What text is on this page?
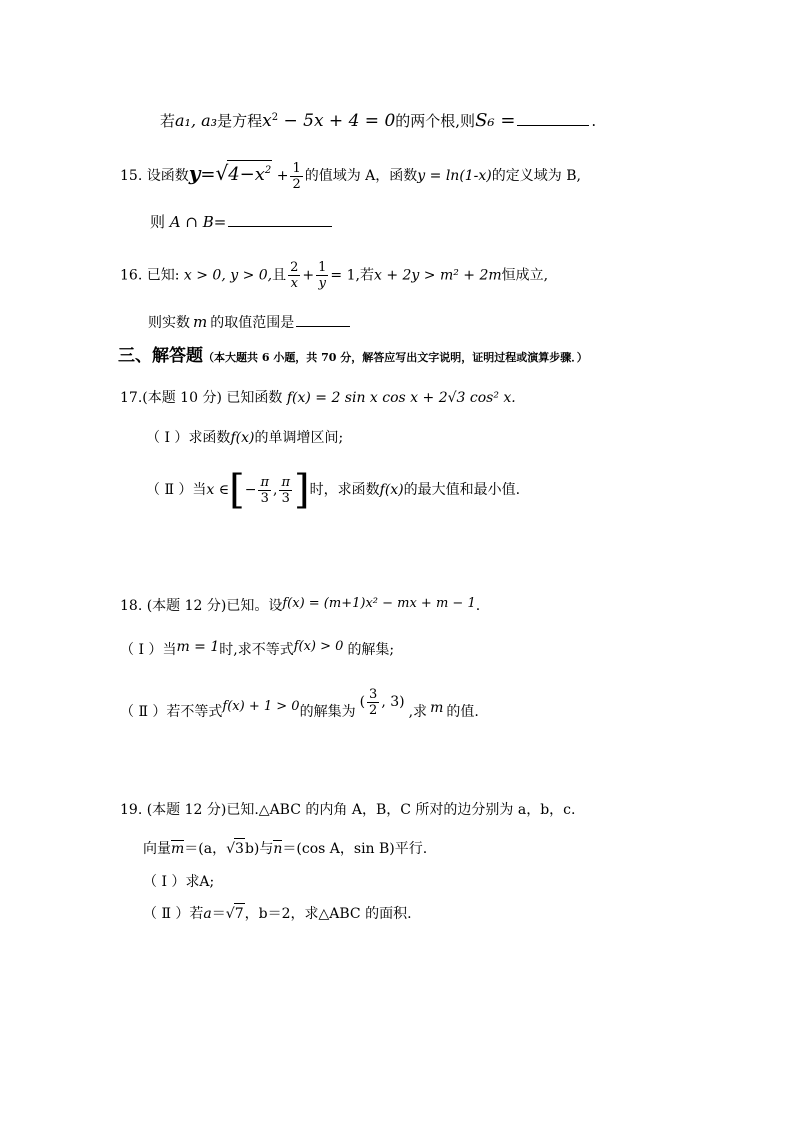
若a₁, a₃是方程$x^2 - 5x + 4 = 0$的两个根,则S₆ =	.
15. 设函数$y=√4-x^2 + \frac{1}{2}$ 的值域为 A，函数y = ln(1-x)的定义域为 B,
则 A ∩ B=
16. 已知: x > 0, y > 0,且 $\frac{2}{x} + \frac{1}{y} = 1$,若x + 2y > m² + 2m恒成立,
则实数 m 的取值范围是
三、解答题（本大题共 6 小题，共 70 分，解答应写出文字说明，证明过程或演算步骤．）
17.(本题 10 分) 已知函数 f(x) = 2 sin x cos x + 2√3 cos² x.
（ Ⅰ ）求函数f(x)的单调增区间;
（ Ⅱ ）当x ∈[− $\frac{\pi}{3}$ , $\frac{\pi}{3}$ ]时，求函数f(x)的最大值和最小值.
18. (本题 12 分)已知。设f(x) = (m+1)x² − mx + m − 1.
（ Ⅰ ）当m = 1时,求不等式f(x) > 0 的解集;
（ Ⅱ ）若不等式f(x) + 1 > 0的解集为( $\frac{3}{2}$ , 3),求 m 的值.
19. (本题 12 分)已知.△ABC 的内角 A，B，C 所对的边分别为 a，b，c.
向量m＝(a，√3b)与n＝(cos A，sin B)平行.
（ Ⅰ ）求A;
（ Ⅱ ）若a＝√7，b＝2，求△ABC 的面积.
